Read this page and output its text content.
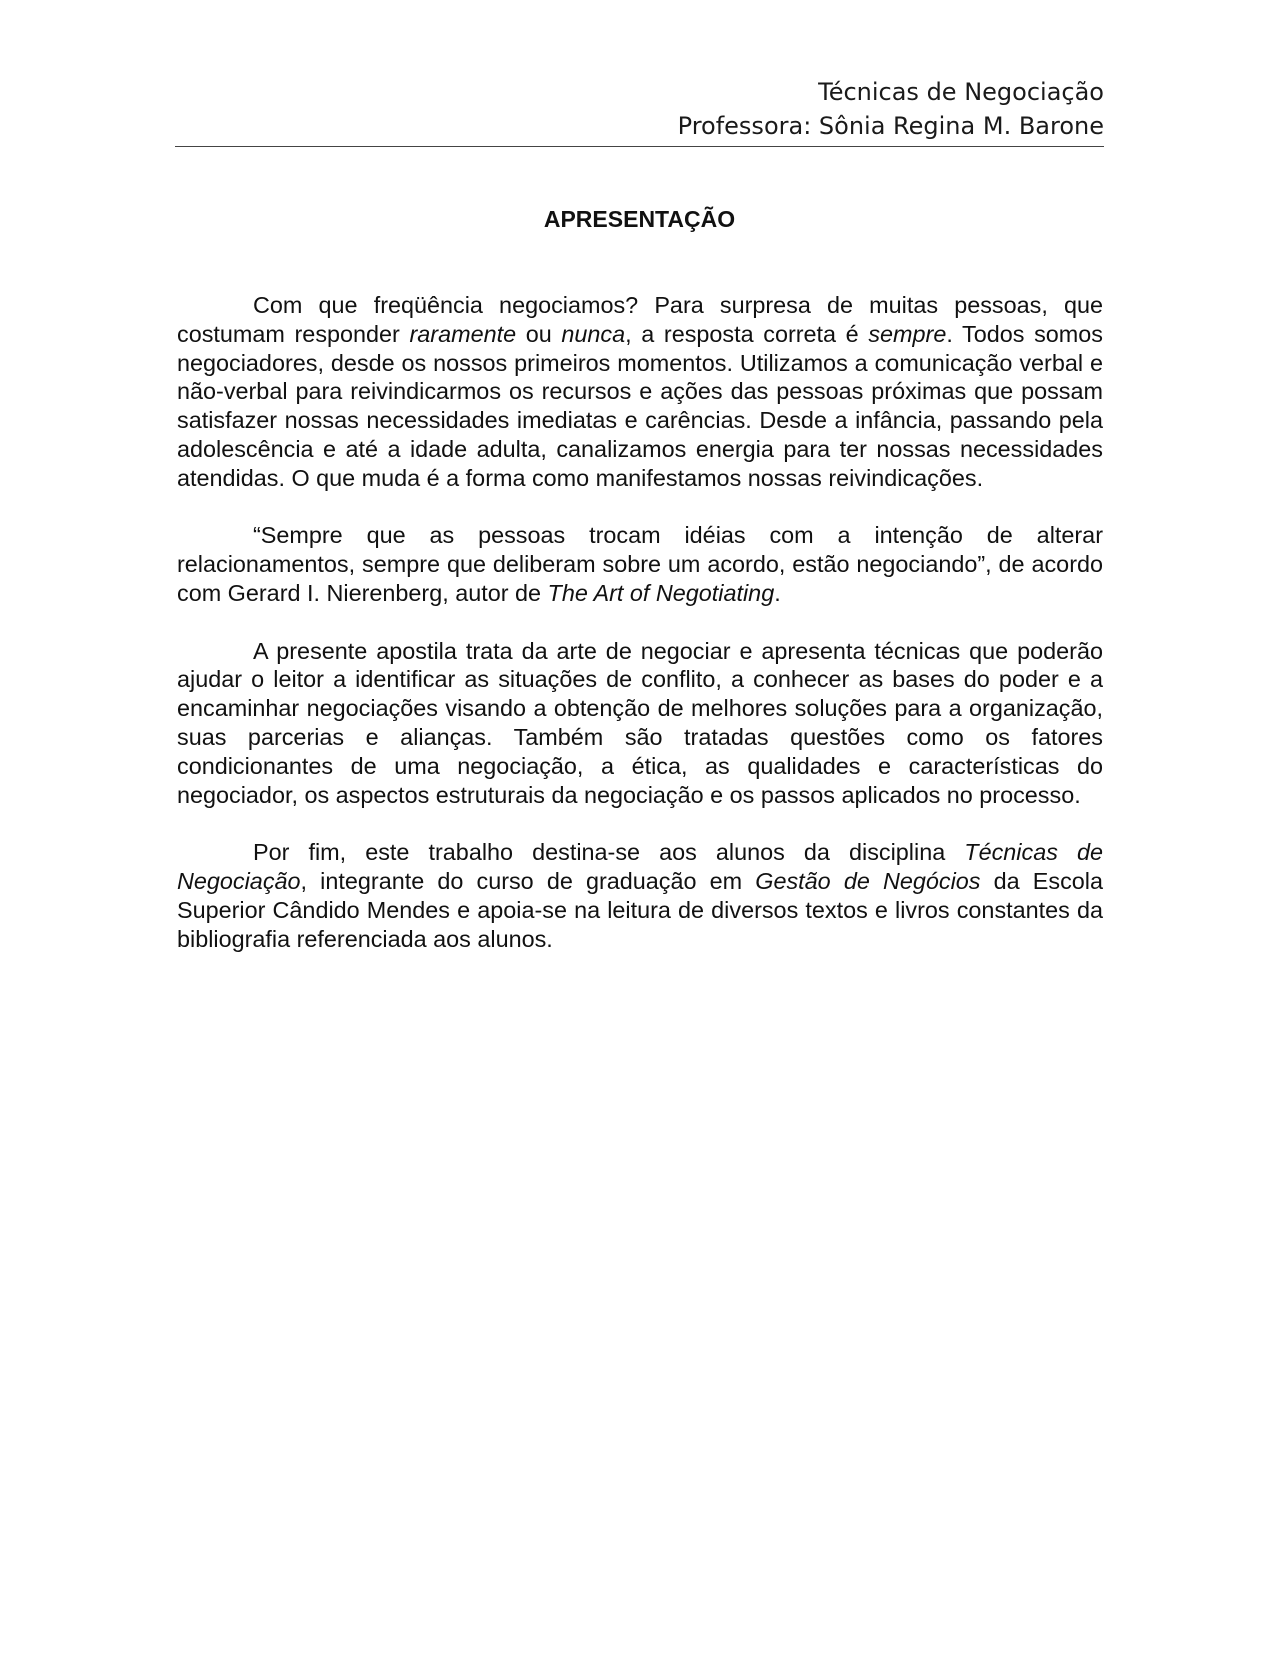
Técnicas de Negociação
Professora: Sônia Regina M. Barone
APRESENTAÇÃO

Com que freqüência negociamos? Para surpresa de muitas pessoas, que costumam responder raramente ou nunca, a resposta correta é sempre. Todos somos negociadores, desde os nossos primeiros momentos. Utilizamos a comunicação verbal e não-verbal para reivindicarmos os recursos e ações das pessoas próximas que possam satisfazer nossas necessidades imediatas e carências. Desde a infância, passando pela adolescência e até a idade adulta, canalizamos energia para ter nossas necessidades atendidas. O que muda é a forma como manifestamos nossas reivindicações.

“Sempre que as pessoas trocam idéias com a intenção de alterar relacionamentos, sempre que deliberam sobre um acordo, estão negociando”, de acordo com Gerard I. Nierenberg, autor de The Art of Negotiating.

A presente apostila trata da arte de negociar e apresenta técnicas que poderão ajudar o leitor a identificar as situações de conflito, a conhecer as bases do poder e a encaminhar negociações visando a obtenção de melhores soluções para a organização, suas parcerias e alianças. Também são tratadas questões como os fatores condicionantes de uma negociação, a ética, as qualidades e características do negociador, os aspectos estruturais da negociação e os passos aplicados no processo.

Por fim, este trabalho destina-se aos alunos da disciplina Técnicas de Negociação, integrante do curso de graduação em Gestão de Negócios da Escola Superior Cândido Mendes e apoia-se na leitura de diversos textos e livros constantes da bibliografia referenciada aos alunos.
